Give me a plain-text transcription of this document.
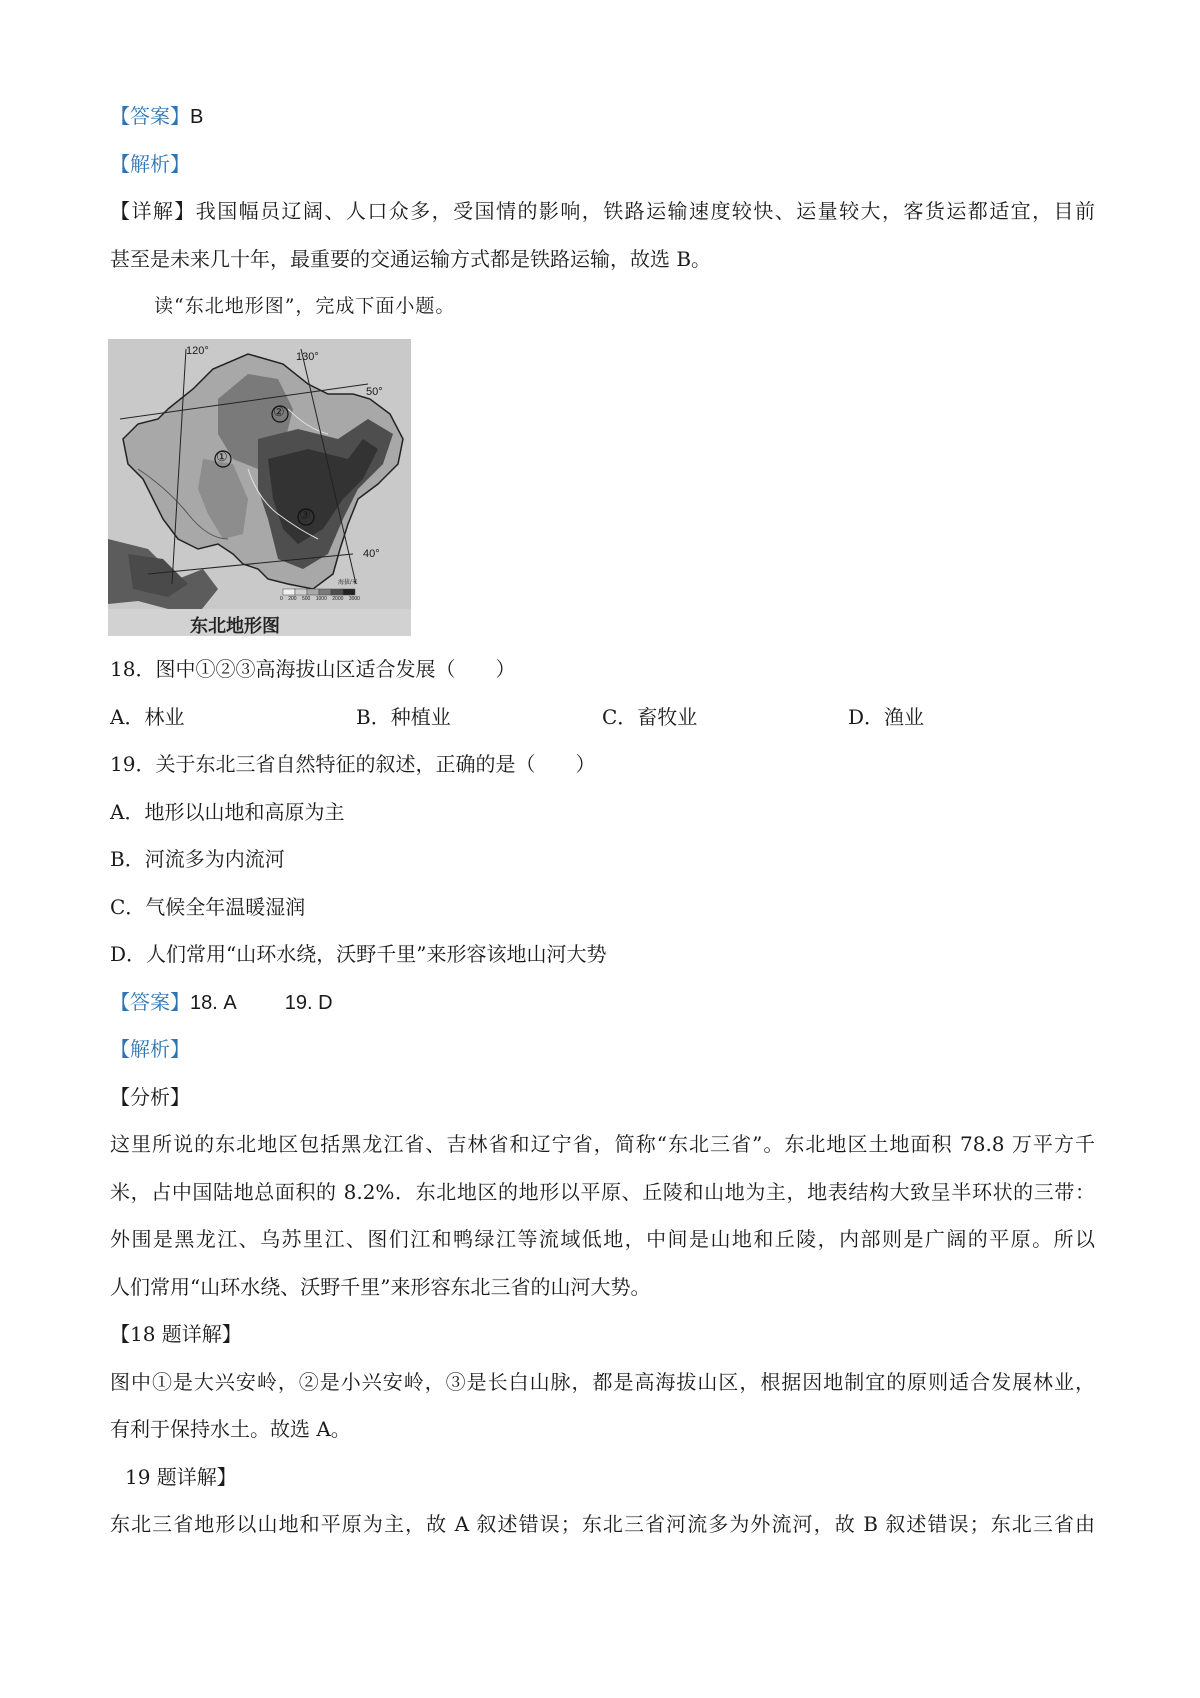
【答案】B
【解析】
【详解】我国幅员辽阔、人口众多，受国情的影响，铁路运输速度较快、运量较大，客货运都适宜，目前
甚至是未来几十年，最重要的交通运输方式都是铁路运输，故选 B。
读“东北地形图”，完成下面小题。
120°	130°
50°
40°
①
②
③
海拔/米
0 200 500 1000 2000 3000
东北地形图
18．图中①②③高海拔山区适合发展（　　）
A．林业	B．种植业	C．畜牧业	D．渔业
19．关于东北三省自然特征的叙述，正确的是（　　）
A．地形以山地和高原为主
B．河流多为内流河
C．气候全年温暖湿润
D．人们常用“山环水绕，沃野千里”来形容该地山河大势
【答案】18. A 19. D
【解析】
【分析】
这里所说的东北地区包括黑龙江省、吉林省和辽宁省，简称“东北三省”。东北地区土地面积 78.8 万平方千
米，占中国陆地总面积的 8.2%．东北地区的地形以平原、丘陵和山地为主，地表结构大致呈半环状的三带：
外围是黑龙江、乌苏里江、图们江和鸭绿江等流域低地，中间是山地和丘陵，内部则是广阔的平原。所以
人们常用“山环水绕、沃野千里”来形容东北三省的山河大势。
【18 题详解】
图中①是大兴安岭，②是小兴安岭，③是长白山脉，都是高海拔山区，根据因地制宜的原则适合发展林业，
有利于保持水土。故选 A。
19 题详解】
东北三省地形以山地和平原为主，故 A 叙述错误；东北三省河流多为外流河，故 B 叙述错误；东北三省由
